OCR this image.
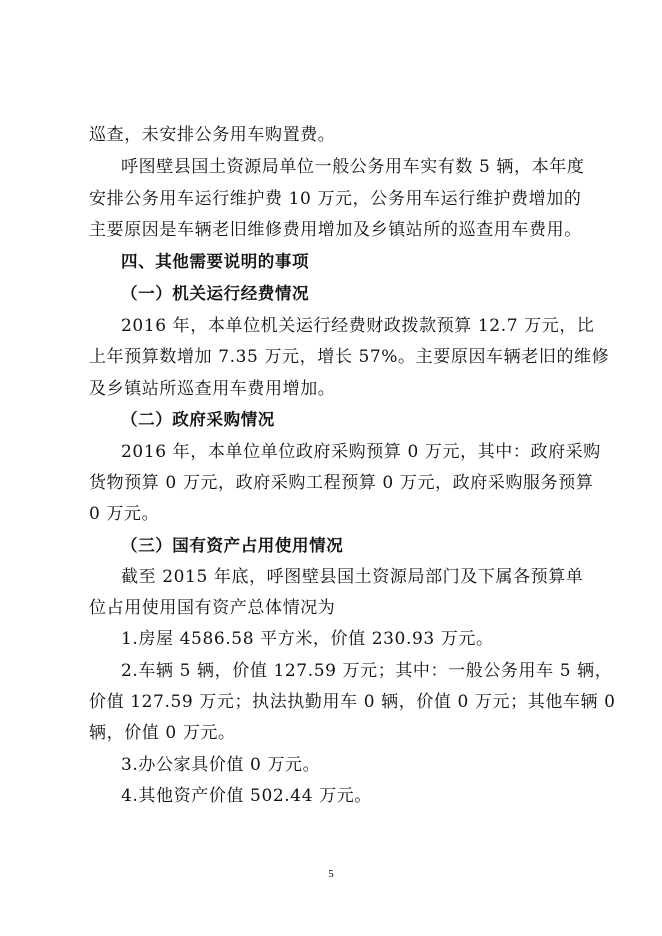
巡查，未安排公务用车购置费。
呼图壁县国土资源局单位一般公务用车实有数 5 辆，本年度
安排公务用车运行维护费 10 万元，公务用车运行维护费增加的
主要原因是车辆老旧维修费用增加及乡镇站所的巡查用车费用。
四、其他需要说明的事项
（一）机关运行经费情况
2016 年，本单位机关运行经费财政拨款预算 12.7 万元，比
上年预算数增加 7.35 万元，增长 57%。主要原因车辆老旧的维修
及乡镇站所巡查用车费用增加。
（二）政府采购情况
2016 年，本单位单位政府采购预算 0 万元，其中：政府采购
货物预算 0 万元，政府采购工程预算 0 万元，政府采购服务预算
0 万元。
（三）国有资产占用使用情况
截至 2015 年底，呼图壁县国土资源局部门及下属各预算单
位占用使用国有资产总体情况为
1.房屋 4586.58 平方米，价值 230.93 万元。
2.车辆 5 辆，价值 127.59 万元；其中：一般公务用车 5 辆，
价值 127.59 万元；执法执勤用车 0 辆，价值 0 万元；其他车辆 0
辆，价值 0 万元。
3.办公家具价值 0 万元。
4.其他资产价值 502.44 万元。
5
